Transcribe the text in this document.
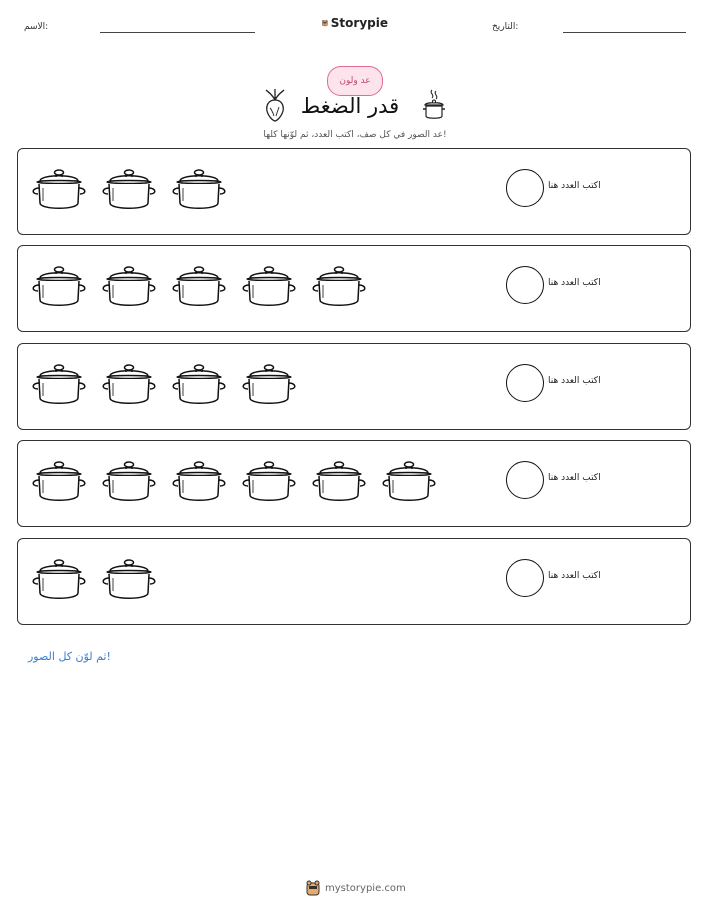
الاسم:	Storypie	التاريخ:
عد ولون
قدر الضغط
عد الصور في كل صف، اكتب العدد، ثم لوّنها كلها!
اكتب العدد هنا
اكتب العدد هنا
اكتب العدد هنا
اكتب العدد هنا
اكتب العدد هنا
ثم لوّن كل الصور!
mystorypie.com
